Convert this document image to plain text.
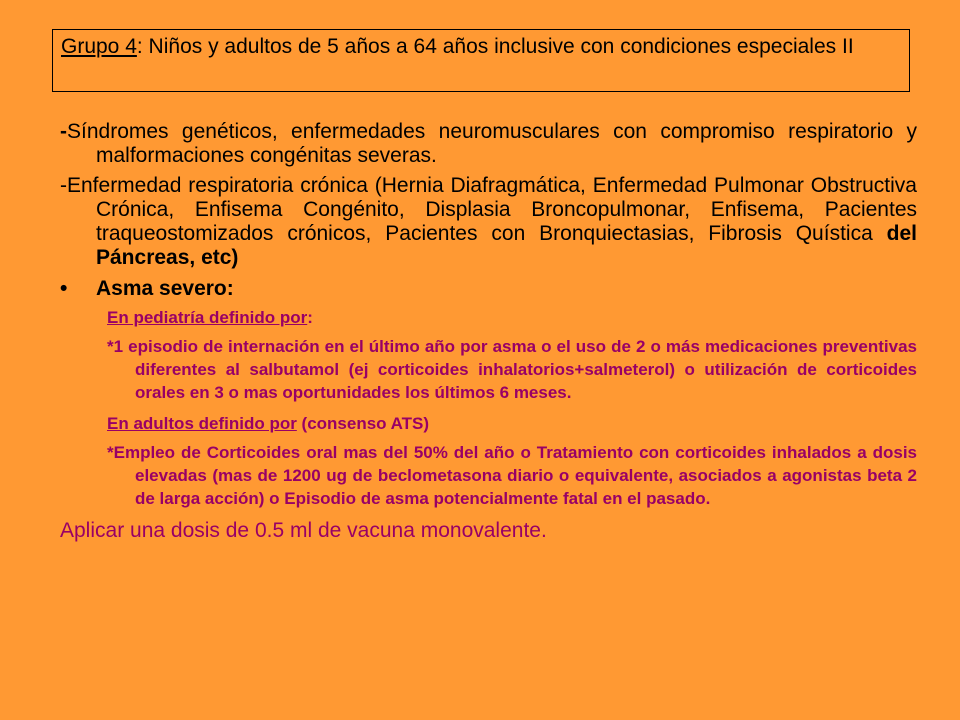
Grupo 4: Niños y adultos de 5 años a 64 años inclusive con condiciones especiales II

-Síndromes genéticos, enfermedades neuromusculares con compromiso respiratorio y malformaciones congénitas severas.

-Enfermedad respiratoria crónica (Hernia Diafragmática, Enfermedad Pulmonar Obstructiva Crónica, Enfisema Congénito, Displasia Broncopulmonar, Enfisema, Pacientes traqueostomizados crónicos, Pacientes con Bronquiectasias, Fibrosis Quística del Páncreas, etc)

•	Asma severo:
En pediatría definido por:
*1 episodio de internación en el último año por asma o el uso de 2 o más medicaciones preventivas diferentes al salbutamol (ej corticoides inhalatorios+salmeterol) o utilización de corticoides orales en 3 o mas oportunidades los últimos 6 meses.
En adultos definido por (consenso ATS)
*Empleo de Corticoides oral mas del 50% del año o Tratamiento con corticoides inhalados a dosis elevadas (mas de 1200 ug de beclometasona diario o equivalente, asociados a agonistas beta 2 de larga acción) o Episodio de asma potencialmente fatal en el pasado.
Aplicar una dosis de 0.5 ml de vacuna monovalente.
